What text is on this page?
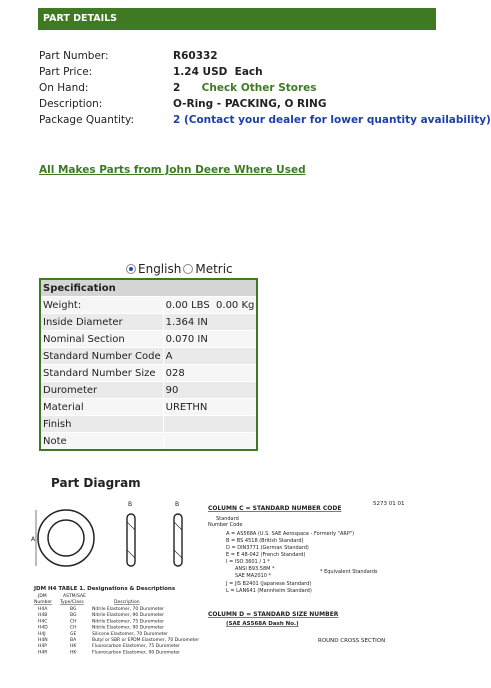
PART DETAILS
Part Number:	R60332
Part Price:	1.24 USD  Each
On Hand:	2 Check Other Stores
Description:	O-Ring - PACKING, O RING
Package Quantity:	2 (Contact your dealer for lower quantity availability)
All Makes Parts from John Deere Where Used
English Metric
Specification	
Weight:	0.00 LBS  0.00 Kg
Inside Diameter	1.364 IN
Nominal Section	0.070 IN
Standard Number Code	A
Standard Number Size	028
Durometer	90
Material	URETHN
Finish	
Note	
Part Diagram
A
B	B	5273 01 01
COLUMN C = STANDARD NUMBER CODE
Standard
Number Code
A = AS568A (U.S. SAE Aerospace - Formerly "ARP")
B = BS 4518 (British Standard)
D = DIN3771 (German Standard)
E = E 48-042 (French Standard)
I = ISO 3601 / 1 *
ANSI B93.58M *	* Equivalent Standards
SAE MA2010 *
J = JIS B2401 (Japanese Standard)
L = LAN641 (Mannheim Standard)
COLUMN D = STANDARD SIZE NUMBER
(SAE AS568A Dash No.)
ROUND CROSS SECTION
JDM H4 TABLE 1. Designations & Descriptions
JDM	ASTM/SAE
Number Type/Class	Description
H4A	BG	Nitrile Elastomer, 70 Durometer
H4B	BG	Nitrile Elastomer, 90 Durometer
H4C	CH	Nitrile Elastomer, 75 Durometer
H4D	CH	Nitrile Elastomer, 90 Durometer
H4J	GE	Silicone Elastomer, 70 Durometer
H4N	BA	Butyl or SBR or EPDM Elastomer, 70 Durometer
H4P	HK	Fluorocarbon Elastomer, 75 Durometer
H4R	HK	Fluorocarbon Elastomer, 90 Durometer
